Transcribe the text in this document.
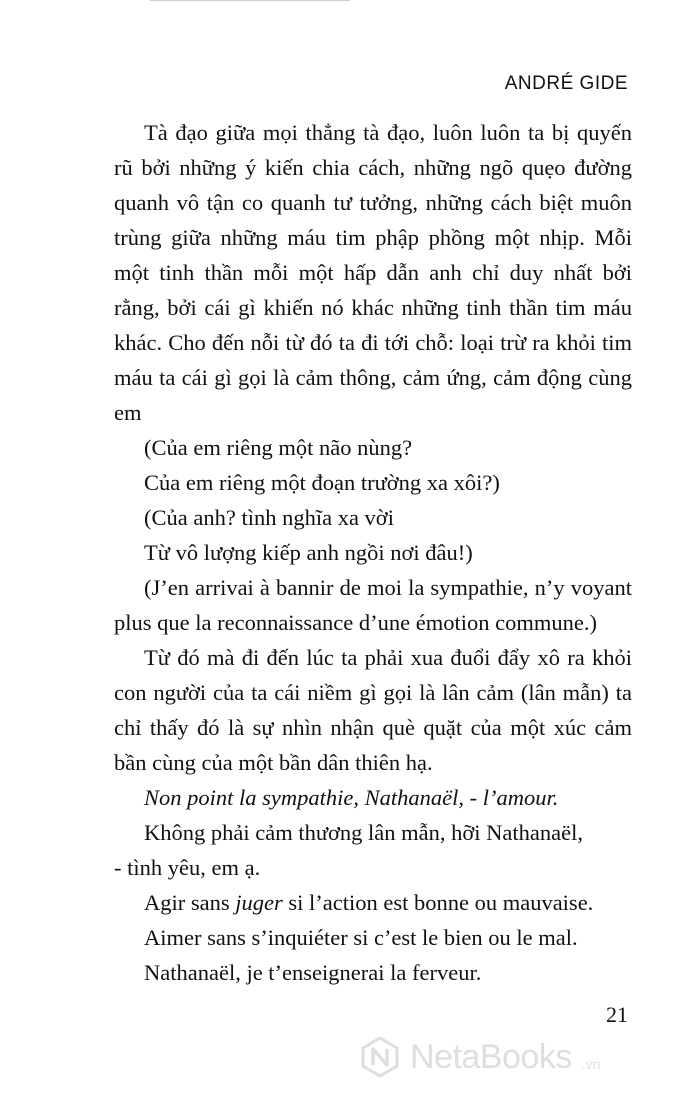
ANDRÉ GIDE

Tà đạo giữa mọi thẳng tà đạo, luôn luôn ta bị quyến rũ bởi những ý kiến chia cách, những ngõ quẹo đường quanh vô tận co quanh tư tưởng, những cách biệt muôn trùng giữa những máu tim phập phồng một nhịp. Mỗi một tinh thần mỗi một hấp dẫn anh chỉ duy nhất bởi rằng, bởi cái gì khiến nó khác những tinh thần tim máu khác. Cho đến nỗi từ đó ta đi tới chỗ: loại trừ ra khỏi tim máu ta cái gì gọi là cảm thông, cảm ứng, cảm động cùng em

(Của em riêng một não nùng?

Của em riêng một đoạn trường xa xôi?)

(Của anh? tình nghĩa xa vời

Từ vô lượng kiếp anh ngồi nơi đâu!)

(J’en arrivai à bannir de moi la sympathie, n’y voyant plus que la reconnaissance d’une émotion commune.)

Từ đó mà đi đến lúc ta phải xua đuổi đẩy xô ra khỏi con người của ta cái niềm gì gọi là lân cảm (lân mẫn) ta chỉ thấy đó là sự nhìn nhận què quặt của một xúc cảm bần cùng của một bần dân thiên hạ.

Non point la sympathie, Nathanaël, - l’amour.

Không phải cảm thương lân mẫn, hỡi Nathanaël,
- tình yêu, em ạ.

Agir sans juger si l’action est bonne ou mauvaise.

Aimer sans s’inquiéter si c’est le bien ou le mal.

Nathanaël, je t’enseignerai la ferveur.

21
NetaBooks .vn
